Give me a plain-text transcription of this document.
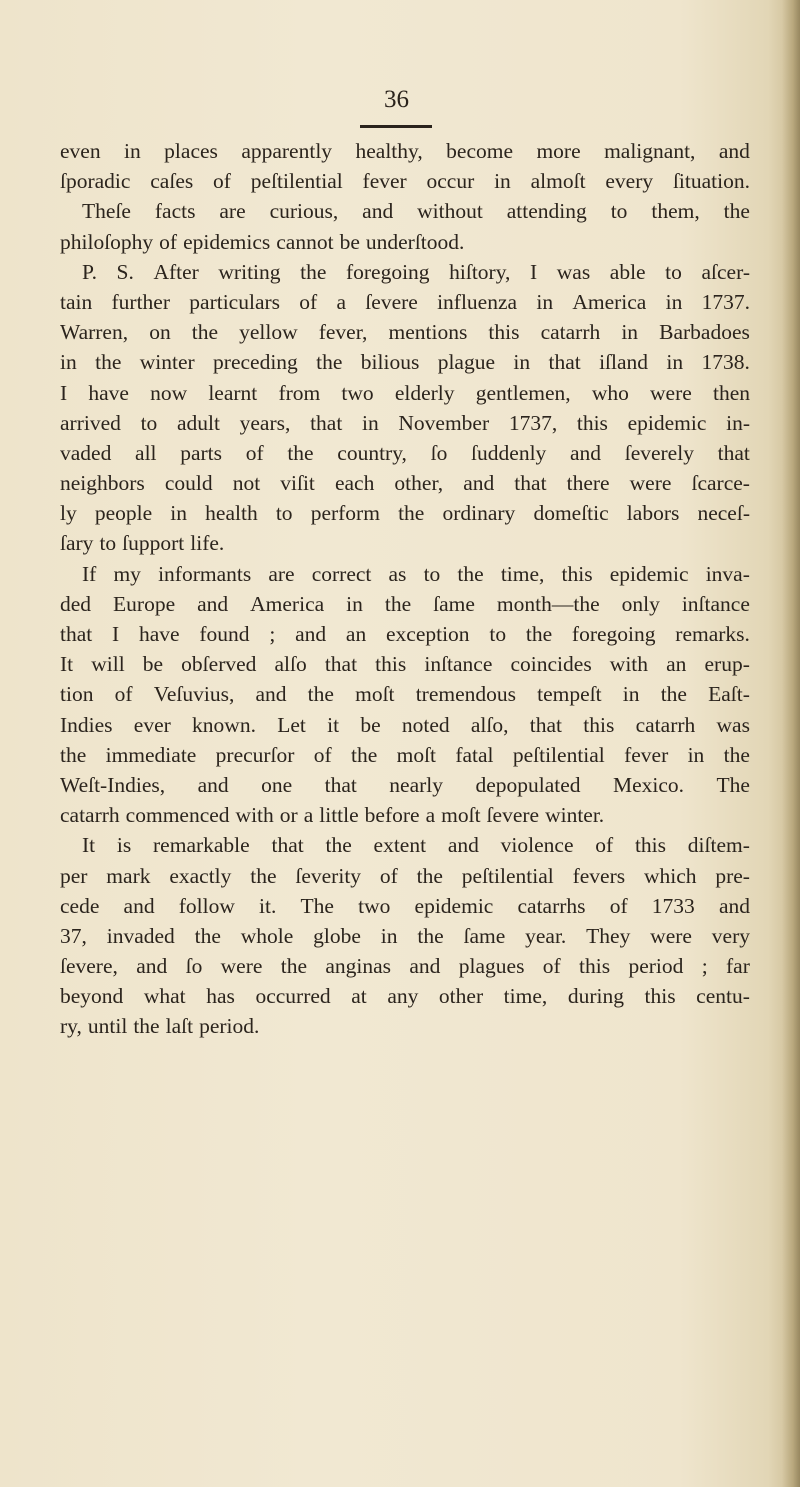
36
even in places apparently healthy, become more malignant, and
ſporadic caſes of peſtilential fever occur in almoſt every ſituation.
Theſe facts are curious, and without attending to them, the
philoſophy of epidemics cannot be underſtood.
P. S. After writing the foregoing hiſtory, I was able to aſcer-
tain further particulars of a ſevere influenza in America in 1737.
Warren, on the yellow fever, mentions this catarrh in Barbadoes
in the winter preceding the bilious plague in that iſland in 1738.
I have now learnt from two elderly gentlemen, who were then
arrived to adult years, that in November 1737, this epidemic in-
vaded all parts of the country, ſo ſuddenly and ſeverely that
neighbors could not viſit each other, and that there were ſcarce-
ly people in health to perform the ordinary domeſtic labors neceſ-
ſary to ſupport life.
If my informants are correct as to the time, this epidemic inva-
ded Europe and America in the ſame month—the only inſtance
that I have found ; and an exception to the foregoing remarks.
It will be obſerved alſo that this inſtance coincides with an erup-
tion of Veſuvius, and the moſt tremendous tempeſt in the Eaſt-
Indies ever known. Let it be noted alſo, that this catarrh was
the immediate precurſor of the moſt fatal peſtilential fever in the
Weſt-Indies, and one that nearly depopulated Mexico. The
catarrh commenced with or a little before a moſt ſevere winter.
It is remarkable that the extent and violence of this diſtem-
per mark exactly the ſeverity of the peſtilential fevers which pre-
cede and follow it. The two epidemic catarrhs of 1733 and
37, invaded the whole globe in the ſame year. They were very
ſevere, and ſo were the anginas and plagues of this period ; far
beyond what has occurred at any other time, during this centu-
ry, until the laſt period.
